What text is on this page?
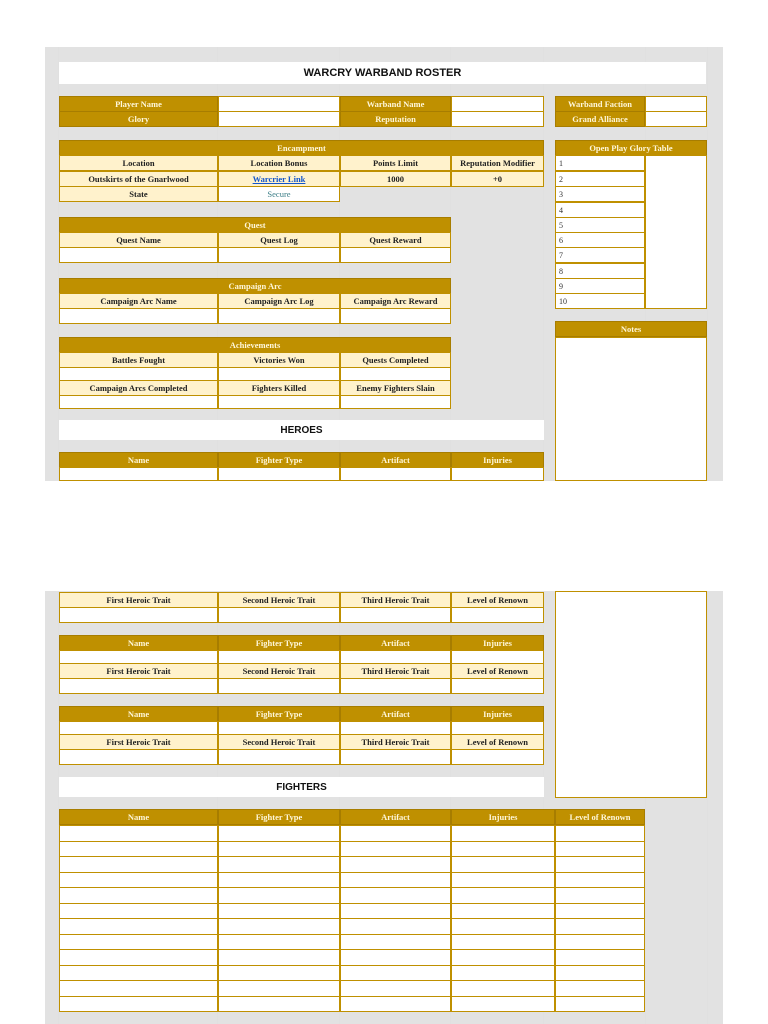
WARCRY WARBAND ROSTER
Player Name	Warband Name	Warband Faction
Glory	Reputation	Grand Alliance
Encampment
Location	Location Bonus	Points Limit	Reputation Modifier
Outskirts of the Gnarlwood	Warcrier Link	1000	+0
State	Secure
Open Play Glory Table
1
2
3
4
5
6
7
8
9
10
Quest
Quest Name	Quest Log	Quest Reward
Campaign Arc
Campaign Arc Name	Campaign Arc Log	Campaign Arc Reward
Notes
Achievements
Battles Fought	Victories Won	Quests Completed
Campaign Arcs Completed	Fighters Killed	Enemy Fighters Slain
HEROES
Name	Fighter Type	Artifact	Injuries
First Heroic Trait	Second Heroic Trait	Third Heroic Trait	Level of Renown
Name	Fighter Type	Artifact	Injuries
First Heroic Trait	Second Heroic Trait	Third Heroic Trait	Level of Renown
Name	Fighter Type	Artifact	Injuries
First Heroic Trait	Second Heroic Trait	Third Heroic Trait	Level of Renown
FIGHTERS
Name	Fighter Type	Artifact	Injuries	Level of Renown
